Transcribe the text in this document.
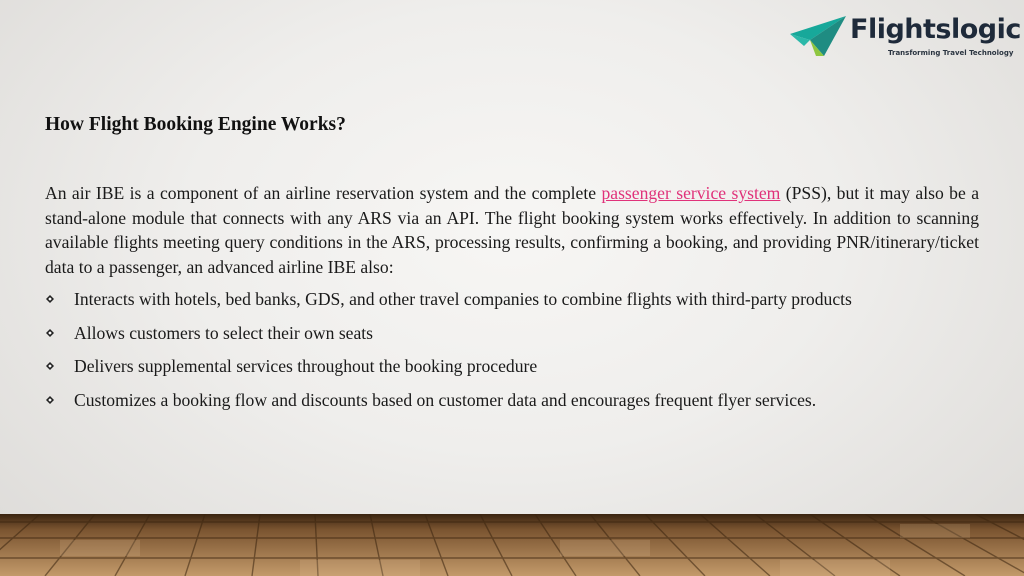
Flightslogic
Transforming Travel Technology
How Flight Booking Engine Works?

An air IBE is a component of an airline reservation system and the complete passenger service system (PSS), but it may also be a stand-alone module that connects with any ARS via an API. The flight booking system works effectively. In addition to scanning available flights meeting query conditions in the ARS, processing results, confirming a booking, and providing PNR/itinerary/ticket data to a passenger, an advanced airline IBE also:

Interacts with hotels, bed banks, GDS, and other travel companies to combine flights with third-party products
Allows customers to select their own seats
Delivers supplemental services throughout the booking procedure
Customizes a booking flow and discounts based on customer data and encourages frequent flyer services.
